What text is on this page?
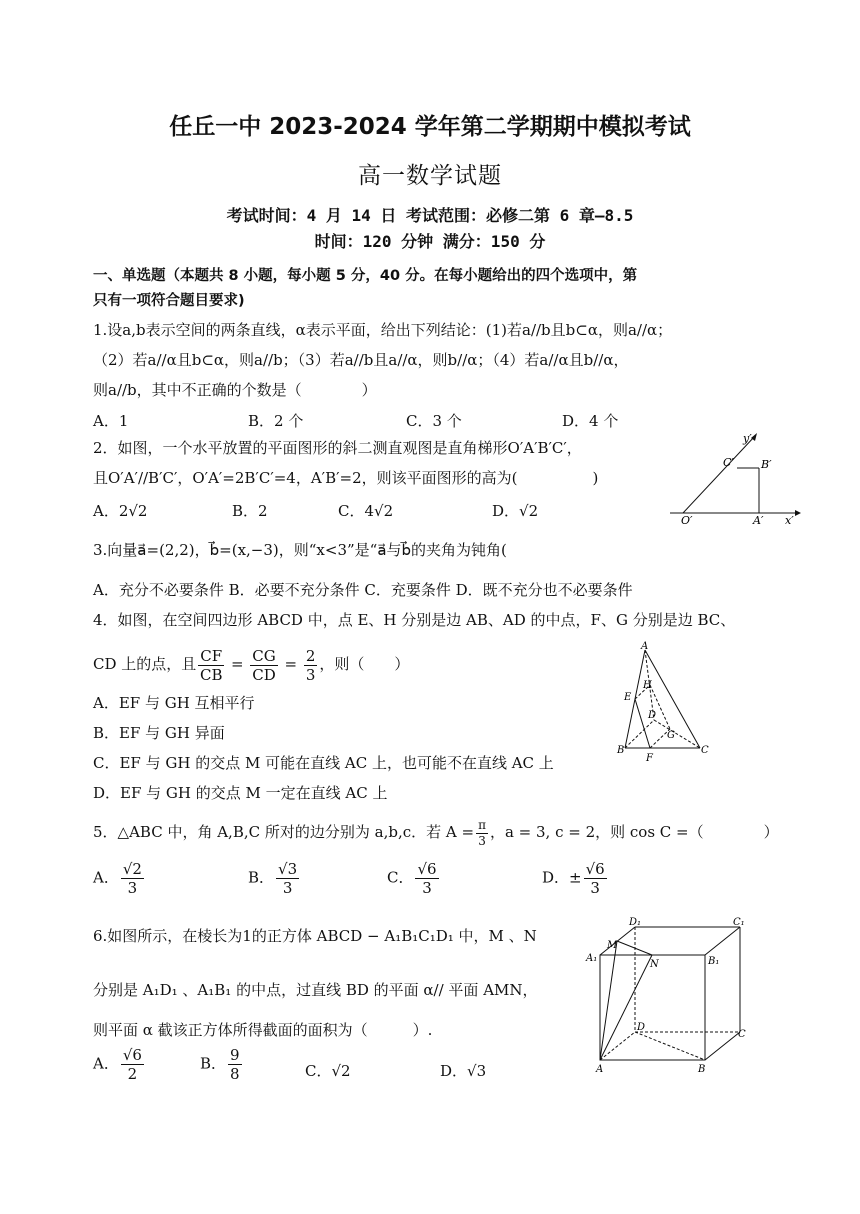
任丘一中 2023-2024 学年第二学期期中模拟考试
高一数学试题
考试时间：4 月 14 日 考试范围：必修二第 6 章—8.5
时间：120 分钟 满分：150 分
一、单选题（本题共 8 小题，每小题 5 分，40 分。在每小题给出的四个选项中，第
只有一项符合题目要求)
1.设a,b表示空间的两条直线，α表示平面，给出下列结论：(1)若a//b且b⊂α，则a//α；
（2）若a//α且b⊂α，则a//b；（3）若a//b且a//α，则b//α；（4）若a//α且b//α，
则a//b，其中不正确的个数是（　　　　）
A．1	B．2 个	C．3 个	D．4 个
2．如图，一个水平放置的平面图形的斜二测直观图是直角梯形O′A′B′C′，
且O′A′//B′C′，O′A′=2B′C′=4，A′B′=2，则该平面图形的高为(　　　　　)
A．2√2	B．2	C．4√2	D．√2
y′
C′ B′
O′	A′ x′
3.向量a⃗=(2,2)，b⃗=(x,−3)，则“x<3”是“a⃗与b⃗的夹角为钝角(
A．充分不必要条件 B．必要不充分条件 C．充要条件 D．既不充分也不必要条件
4．如图，在空间四边形 ABCD 中，点 E、H 分别是边 AB、AD 的中点，F、G 分别是边 BC、
CD 上的点，且 $\frac{CF}{CB} = \frac{CG}{CD} = \frac{2}{3}$ ，则（　　）
A．EF 与 GH 互相平行
B．EF 与 GH 异面
C．EF 与 GH 的交点 M 可能在直线 AC 上，也可能不在直线 AC 上
D．EF 与 GH 的交点 M 一定在直线 AC 上
A
E
H
D
G
B
F
C
5．△ABC 中，角 A,B,C 所对的边分别为 a,b,c．若 $A = \frac{\pi}{3}$ ，a = 3, c = 2，则 cos C =（　　　　）
A． $\frac{√2}{3}$	B． $\frac{√3}{3}$	C． $\frac{√6}{3}$	D．± $\frac{√6}{3}$
6.如图所示，在棱长为1的正方体 ABCD − A₁B₁C₁D₁ 中，M 、N
分别是 A₁D₁ 、A₁B₁ 的中点，过直线 BD 的平面 α// 平面 AMN，
则平面 α 截该正方体所得截面的面积为（　　　）.
A． $\frac{√6}{2}$	B． $\frac{9}{8}$	C．√2	D．√3
D₁	C₁
M
A₁
N	B₁
D
C
A	B
